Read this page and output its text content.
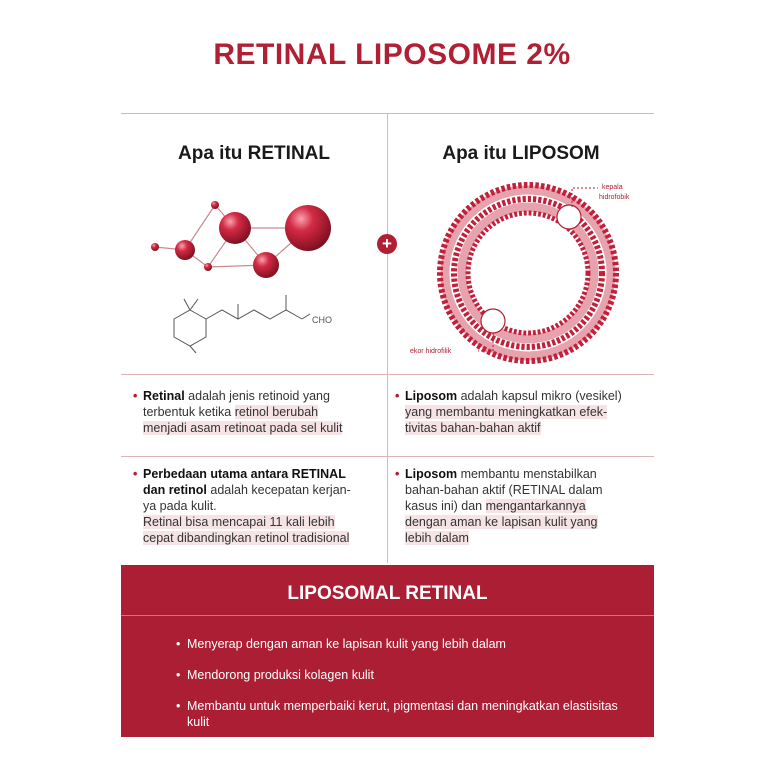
RETINAL LIPOSOME 2%
Apa itu RETINAL	Apa itu LIPOSOM
+
CHO
kepala
hidrofobik
ekor hidrofilik
• Retinal adalah jenis retinoid yang
terbentuk ketika retinol berubah
menjadi asam retinoat pada sel kulit
• Perbedaan utama antara RETINAL
dan retinol adalah kecepatan kerjan-
ya pada kulit.
Retinal bisa mencapai 11 kali lebih
cepat dibandingkan retinol tradisional
• Liposom adalah kapsul mikro (vesikel)
yang membantu meningkatkan efek-
tivitas bahan-bahan aktif
• Liposom membantu menstabilkan
bahan-bahan aktif (RETINAL dalam
kasus ini) dan mengantarkannya
dengan aman ke lapisan kulit yang
lebih dalam
LIPOSOMAL RETINAL
• Menyerap dengan aman ke lapisan kulit yang lebih dalam
• Mendorong produksi kolagen kulit
• Membantu untuk memperbaiki kerut, pigmentasi dan meningkatkan elastisitas kulit
